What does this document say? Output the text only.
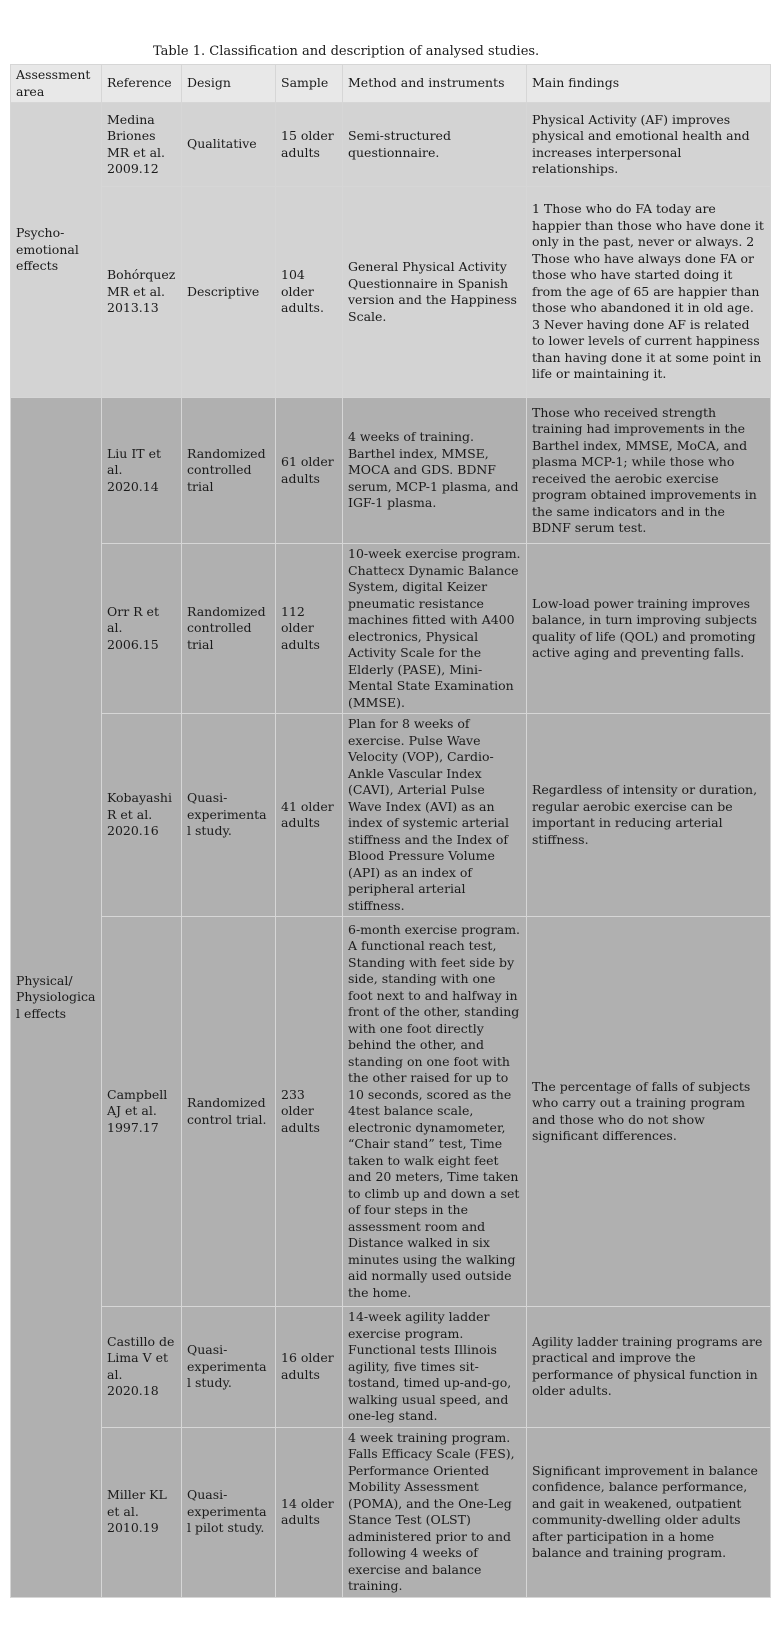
Table 1. Classification and description of analysed studies.
Assessment area	Reference	Design	Sample	Method and instruments	Main findings
Psycho-emotional effects	Medina Briones MR et al. 2009.12	Qualitative	15 older adults	Semi-structured questionnaire.	Physical Activity (AF) improves physical and emotional health and increases interpersonal relationships.
	Bohórquez MR et al. 2013.13	Descriptive	104 older adults.	General Physical Activity Questionnaire in Spanish version and the Happiness Scale.	1 Those who do FA today are happier than those who have done it only in the past, never or always. 2 Those who have always done FA or those who have started doing it from the age of 65 are happier than those who abandoned it in old age. 3 Never having done AF is related to lower levels of current happiness than having done it at some point in life or maintaining it.
Physical/ Physiological effects	Liu IT et al. 2020.14	Randomized controlled trial	61 older adults	4 weeks of training. Barthel index, MMSE, MOCA and GDS. BDNF serum, MCP-1 plasma, and IGF-1 plasma.	Those who received strength training had improvements in the Barthel index, MMSE, MoCA, and plasma MCP-1; while those who received the aerobic exercise program obtained improvements in the same indicators and in the BDNF serum test.
	Orr R et al. 2006.15	Randomized controlled trial	112 older adults	10-week exercise program. Chattecx Dynamic Balance System, digital Keizer pneumatic resistance machines fitted with A400 electronics, Physical Activity Scale for the Elderly (PASE), Mini-Mental State Examination (MMSE).	Low-load power training improves balance, in turn improving subjects quality of life (QOL) and promoting active aging and preventing falls.
	Kobayashi R et al. 2020.16	Quasi-experimental study.	41 older adults	Plan for 8 weeks of exercise. Pulse Wave Velocity (VOP), Cardio-Ankle Vascular Index (CAVI), Arterial Pulse Wave Index (AVI) as an index of systemic arterial stiffness and the Index of Blood Pressure Volume (API) as an index of peripheral arterial stiffness.	Regardless of intensity or duration, regular aerobic exercise can be important in reducing arterial stiffness.
	Campbell AJ et al. 1997.17	Randomized control trial.	233 older adults	6-month exercise program. A functional reach test, Standing with feet side by side, standing with one foot next to and halfway in front of the other, standing with one foot directly behind the other, and standing on one foot with the other raised for up to 10 seconds, scored as the 4test balance scale, electronic dynamometer, “Chair stand” test, Time taken to walk eight feet and 20 meters, Time taken to climb up and down a set of four steps in the assessment room and Distance walked in six minutes using the walking aid normally used outside the home.	The percentage of falls of subjects who carry out a training program and those who do not show significant differences.
	Castillo de Lima V et al. 2020.18	Quasi-experimental study.	16 older adults	14-week agility ladder exercise program. Functional tests Illinois agility, five times sit-tostand, timed up-and-go, walking usual speed, and one-leg stand.	Agility ladder training programs are practical and improve the performance of physical function in older adults.
	Miller KL et al. 2010.19	Quasi-experimental pilot study.	14 older adults	4 week training program. Falls Efficacy Scale (FES), Performance Oriented Mobility Assessment (POMA), and the One-Leg Stance Test (OLST) administered prior to and following 4 weeks of exercise and balance training.	Significant improvement in balance confidence, balance performance, and gait in weakened, outpatient community-dwelling older adults after participation in a home balance and training program.
